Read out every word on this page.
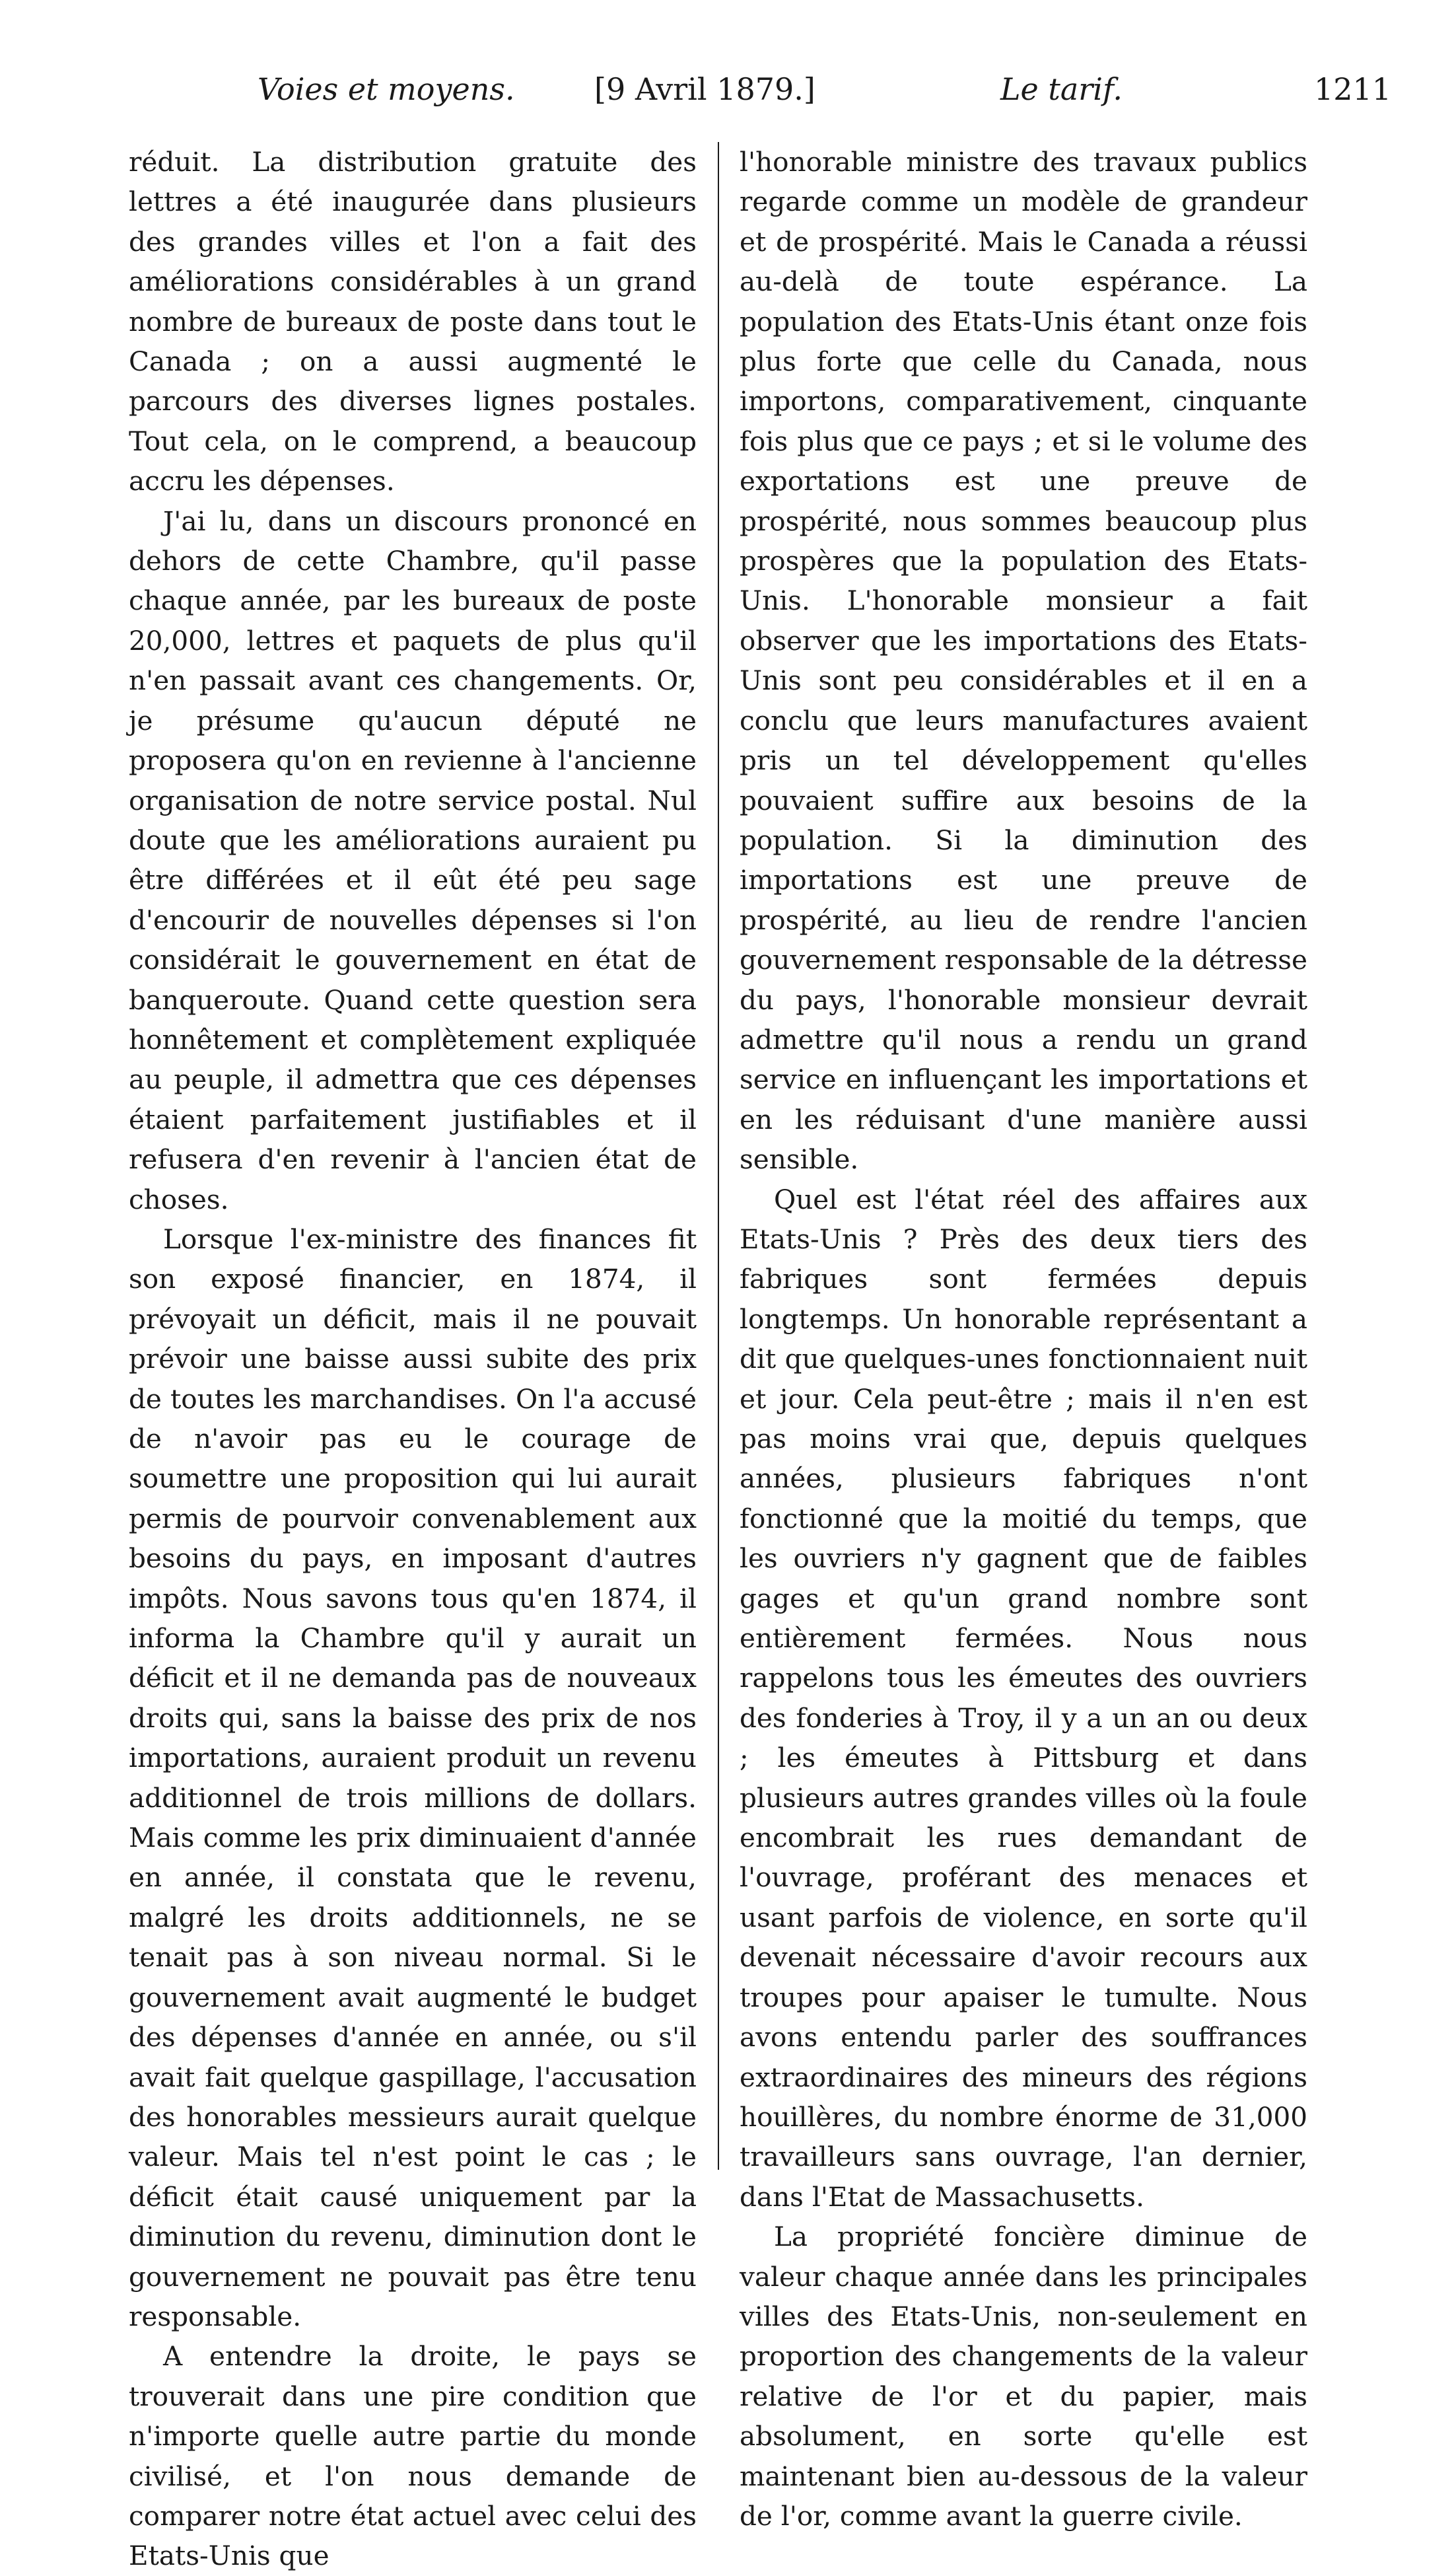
Voies et moyens.	[9 Avril 1879.]	Le tarif.	1211

réduit. La distribution gratuite des lettres a été inaugurée dans plusieurs des grandes villes et l'on a fait des améliorations considérables à un grand nombre de bureaux de poste dans tout le Canada ; on a aussi augmenté le parcours des diverses lignes postales. Tout cela, on le comprend, a beaucoup accru les dépenses.

J'ai lu, dans un discours prononcé en dehors de cette Chambre, qu'il passe chaque année, par les bureaux de poste 20,000, lettres et paquets de plus qu'il n'en passait avant ces changements. Or, je présume qu'aucun député ne proposera qu'on en revienne à l'ancienne organisation de notre service postal. Nul doute que les améliorations auraient pu être différées et il eût été peu sage d'encourir de nouvelles dépenses si l'on considérait le gouvernement en état de banqueroute. Quand cette question sera honnêtement et complètement expliquée au peuple, il admettra que ces dépenses étaient parfaitement justifiables et il refusera d'en revenir à l'ancien état de choses.

Lorsque l'ex-ministre des finances fit son exposé financier, en 1874, il prévoyait un déficit, mais il ne pouvait prévoir une baisse aussi subite des prix de toutes les marchandises. On l'a accusé de n'avoir pas eu le courage de soumettre une proposition qui lui aurait permis de pourvoir convenablement aux besoins du pays, en imposant d'autres impôts. Nous savons tous qu'en 1874, il informa la Chambre qu'il y aurait un déficit et il ne demanda pas de nouveaux droits qui, sans la baisse des prix de nos importations, auraient produit un revenu additionnel de trois millions de dollars. Mais comme les prix diminuaient d'année en année, il constata que le revenu, malgré les droits additionnels, ne se tenait pas à son niveau normal. Si le gouvernement avait augmenté le budget des dépenses d'année en année, ou s'il avait fait quelque gaspillage, l'accusation des honorables messieurs aurait quelque valeur. Mais tel n'est point le cas ; le déficit était causé uniquement par la diminution du revenu, diminution dont le gouvernement ne pouvait pas être tenu responsable.

A entendre la droite, le pays se trouverait dans une pire condition que n'importe quelle autre partie du monde civilisé, et l'on nous demande de comparer notre état actuel avec celui des Etats-Unis que

l'honorable ministre des travaux publics regarde comme un modèle de grandeur et de prospérité. Mais le Canada a réussi au-delà de toute espérance. La population des Etats-Unis étant onze fois plus forte que celle du Canada, nous importons, comparativement, cinquante fois plus que ce pays ; et si le volume des exportations est une preuve de prospérité, nous sommes beaucoup plus prospères que la population des Etats-Unis. L'honorable monsieur a fait observer que les importations des Etats-Unis sont peu considérables et il en a conclu que leurs manufactures avaient pris un tel développement qu'elles pouvaient suffire aux besoins de la population. Si la diminution des importations est une preuve de prospérité, au lieu de rendre l'ancien gouvernement responsable de la détresse du pays, l'honorable monsieur devrait admettre qu'il nous a rendu un grand service en influençant les importations et en les réduisant d'une manière aussi sensible.

Quel est l'état réel des affaires aux Etats-Unis ? Près des deux tiers des fabriques sont fermées depuis longtemps. Un honorable représentant a dit que quelques-unes fonctionnaient nuit et jour. Cela peut-être ; mais il n'en est pas moins vrai que, depuis quelques années, plusieurs fabriques n'ont fonctionné que la moitié du temps, que les ouvriers n'y gagnent que de faibles gages et qu'un grand nombre sont entièrement fermées. Nous nous rappelons tous les émeutes des ouvriers des fonderies à Troy, il y a un an ou deux ; les émeutes à Pittsburg et dans plusieurs autres grandes villes où la foule encombrait les rues demandant de l'ouvrage, proférant des menaces et usant parfois de violence, en sorte qu'il devenait nécessaire d'avoir recours aux troupes pour apaiser le tumulte. Nous avons entendu parler des souffrances extraordinaires des mineurs des régions houillères, du nombre énorme de 31,000 travailleurs sans ouvrage, l'an dernier, dans l'Etat de Massachusetts.

La propriété foncière diminue de valeur chaque année dans les principales villes des Etats-Unis, non-seulement en proportion des changements de la valeur relative de l'or et du papier, mais absolument, en sorte qu'elle est maintenant bien au-dessous de la valeur de l'or, comme avant la guerre civile.
